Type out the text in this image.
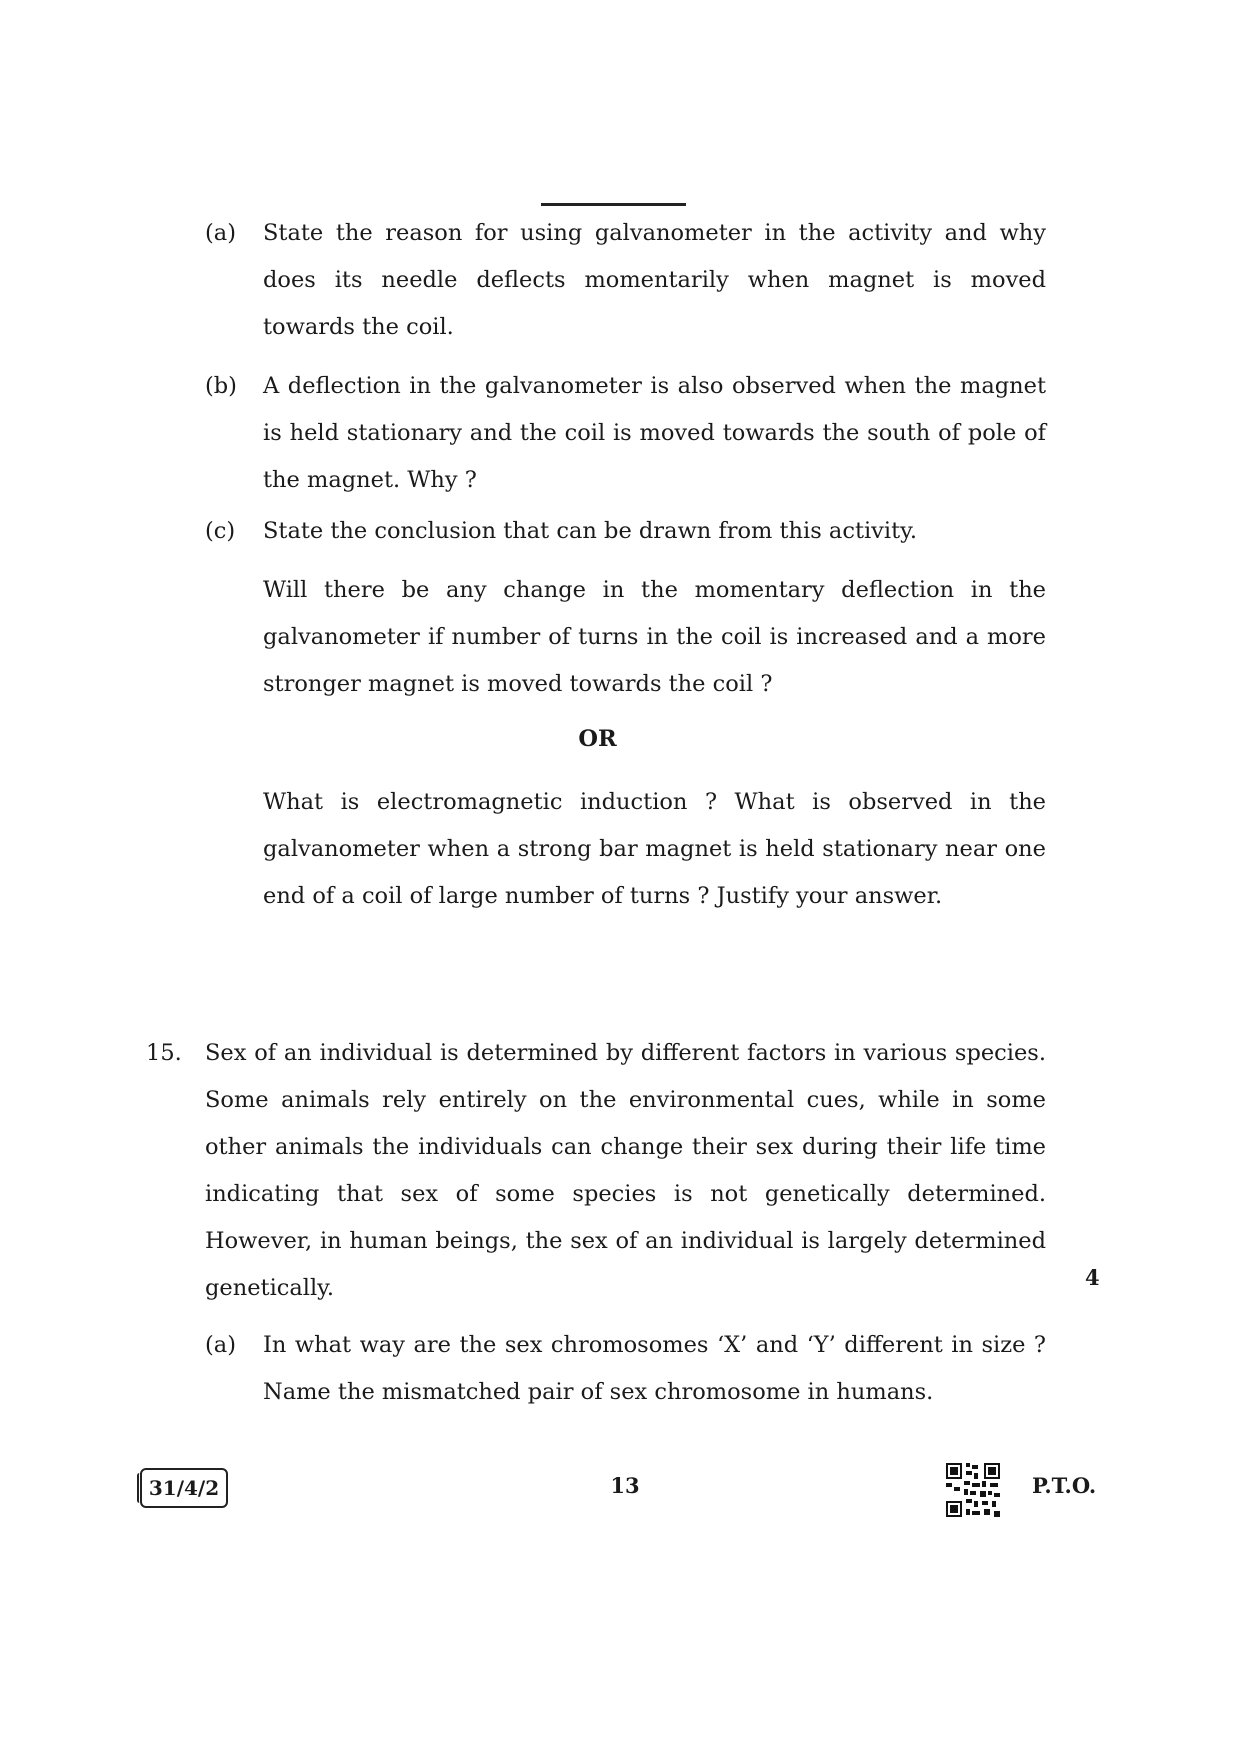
(a) State the reason for using galvanometer in the activity and why does its needle deflects momentarily when magnet is moved towards the coil.
(b) A deflection in the galvanometer is also observed when the magnet is held stationary and the coil is moved towards the south of pole of the magnet. Why ?
(c) State the conclusion that can be drawn from this activity.
Will there be any change in the momentary deflection in the galvanometer if number of turns in the coil is increased and a more stronger magnet is moved towards the coil ?
OR
What is electromagnetic induction ? What is observed in the galvanometer when a strong bar magnet is held stationary near one end of a coil of large number of turns ? Justify your answer.
15. Sex of an individual is determined by different factors in various species. Some animals rely entirely on the environmental cues, while in some other animals the individuals can change their sex during their life time indicating that sex of some species is not genetically determined. However, in human beings, the sex of an individual is largely determined genetically.	4
(a) In what way are the sex chromosomes ‘X’ and ‘Y’ different in size ? Name the mismatched pair of sex chromosome in humans.
31/4/2	13	P.T.O.
